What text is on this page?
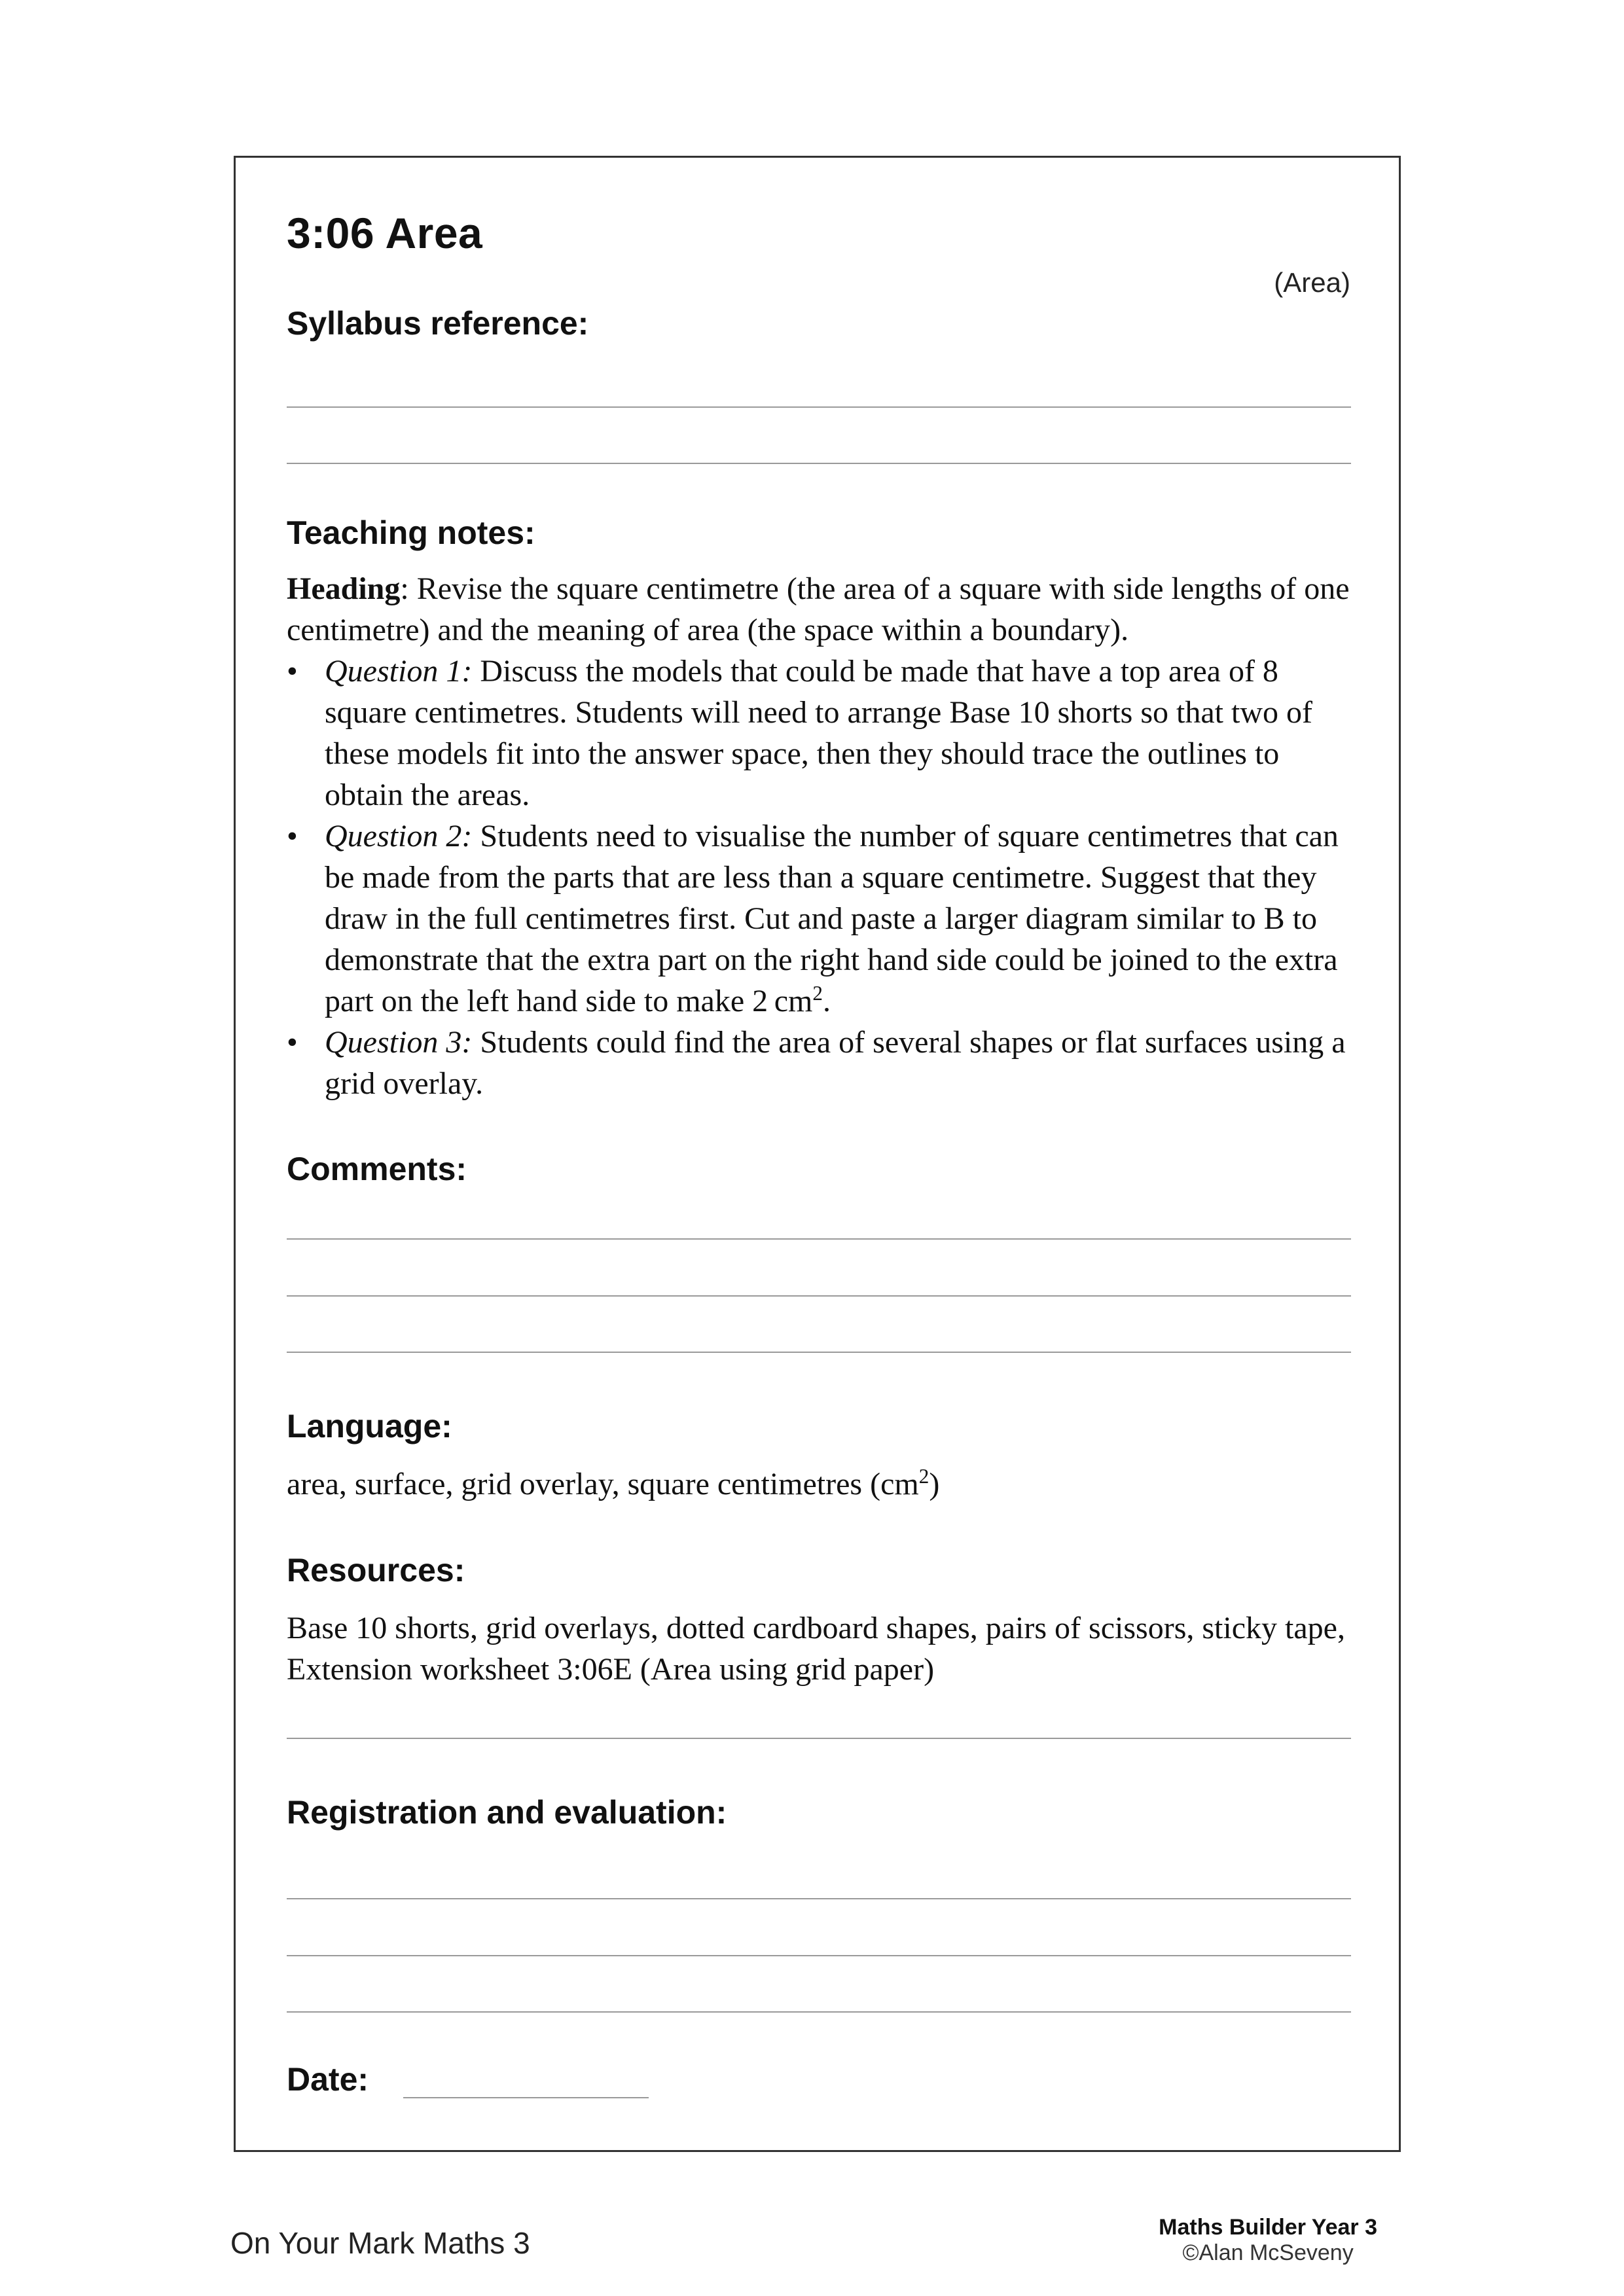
3:06 Area
(Area)
Syllabus reference:
Teaching notes:
Heading: Revise the square centimetre (the area of a square with side lengths of one centimetre) and the meaning of area (the space within a boundary).
• Question 1: Discuss the models that could be made that have a top area of 8 square centimetres. Students will need to arrange Base 10 shorts so that two of these models fit into the answer space, then they should trace the outlines to obtain the areas.
• Question 2: Students need to visualise the number of square centimetres that can be made from the parts that are less than a square centimetre. Suggest that they draw in the full centimetres first. Cut and paste a larger diagram similar to B to demonstrate that the extra part on the right hand side could be joined to the extra part on the left hand side to make 2 $cm^2$.
• Question 3: Students could find the area of several shapes or flat surfaces using a grid overlay.
Comments:
Language:
area, surface, grid overlay, square centimetres $(cm^2)$
Resources:
Base 10 shorts, grid overlays, dotted cardboard shapes, pairs of scissors, sticky tape, Extension worksheet 3:06E (Area using grid paper)
Registration and evaluation:
Date:
On Your Mark Maths 3	Maths Builder Year 3
©Alan McSeveny
